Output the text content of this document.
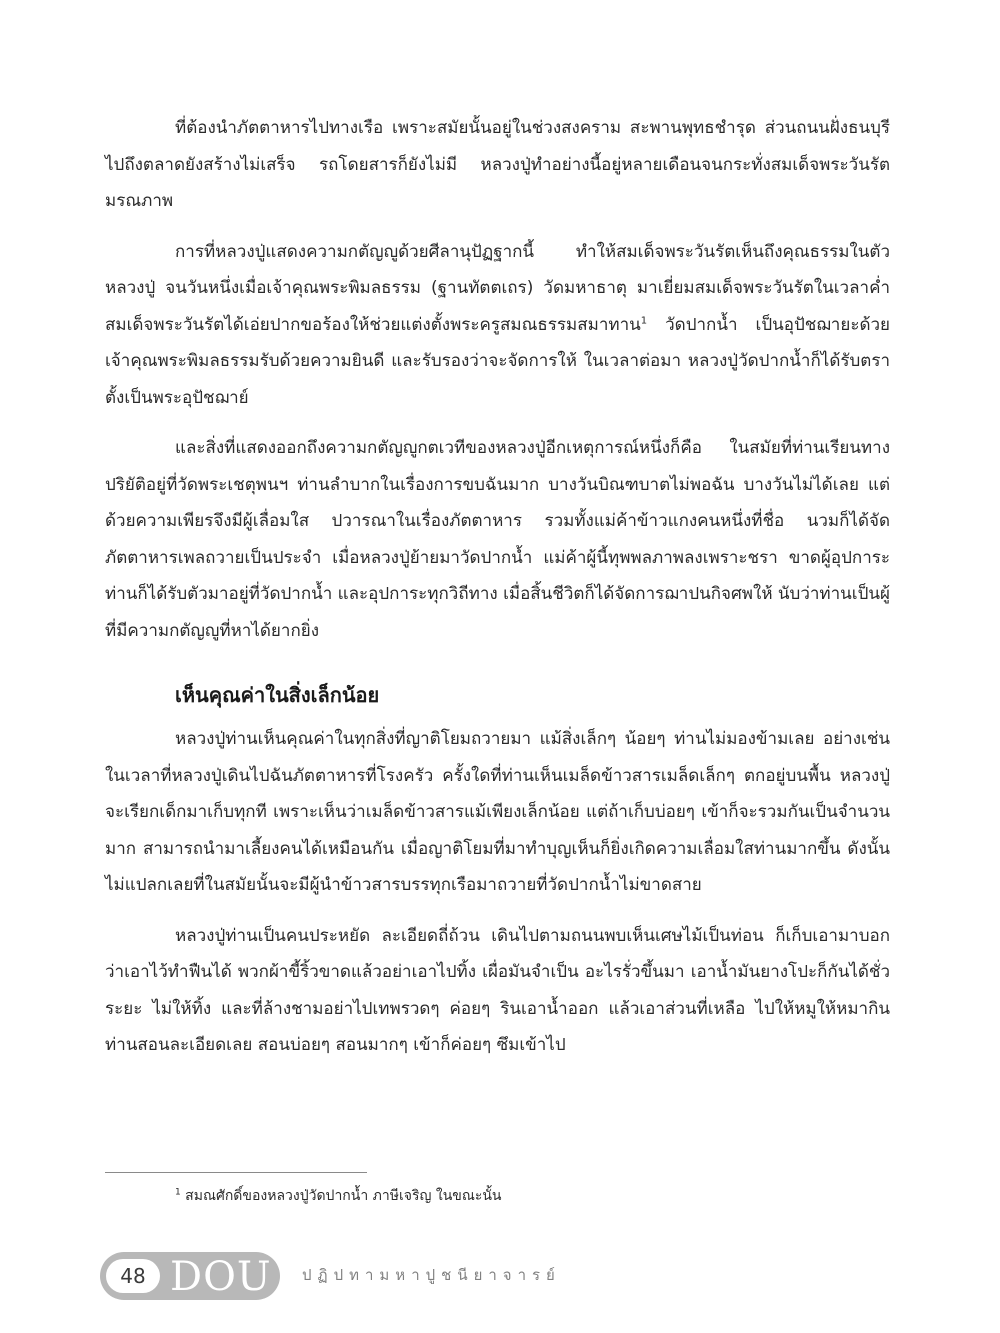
ที่ต้องนำภัตตาหารไปทางเรือ เพราะสมัยนั้นอยู่ในช่วงสงคราม สะพานพุทธชำรุด ส่วนถนนฝั่งธนบุรีไปถึงตลาดยังสร้างไม่เสร็จ รถโดยสารก็ยังไม่มี หลวงปู่ทำอย่างนี้อยู่หลายเดือนจนกระทั่งสมเด็จพระวันรัตมรณภาพ

การที่หลวงปู่แสดงความกตัญญูด้วยศีลานุปัฏฐากนี้ ทำให้สมเด็จพระวันรัตเห็นถึงคุณธรรมในตัวหลวงปู่ จนวันหนึ่งเมื่อเจ้าคุณพระพิมลธรรม (ฐานทัตตเถร) วัดมหาธาตุ มาเยี่ยมสมเด็จพระวันรัตในเวลาค่ำสมเด็จพระวันรัตได้เอ่ยปากขอร้องให้ช่วยแต่งตั้งพระครูสมณธรรมสมาทาน$^1$ วัดปากน้ำ เป็นอุปัชฌายะด้วย เจ้าคุณพระพิมลธรรมรับด้วยความยินดี และรับรองว่าจะจัดการให้ ในเวลาต่อมา หลวงปู่วัดปากน้ำก็ได้รับตราตั้งเป็นพระอุปัชฌาย์

และสิ่งที่แสดงออกถึงความกตัญญูกตเวทีของหลวงปู่อีกเหตุการณ์หนึ่งก็คือ ในสมัยที่ท่านเรียนทางปริยัติอยู่ที่วัดพระเชตุพนฯ ท่านลำบากในเรื่องการขบฉันมาก บางวันบิณฑบาตไม่พอฉัน บางวันไม่ได้เลย แต่ด้วยความเพียรจึงมีผู้เลื่อมใส ปวารณาในเรื่องภัตตาหาร รวมทั้งแม่ค้าข้าวแกงคนหนึ่งที่ชื่อ นวมก็ได้จัดภัตตาหารเพลถวายเป็นประจำ เมื่อหลวงปู่ย้ายมาวัดปากน้ำ แม่ค้าผู้นี้ทุพพลภาพลงเพราะชรา ขาดผู้อุปการะ ท่านก็ได้รับตัวมาอยู่ที่วัดปากน้ำ และอุปการะทุกวิถีทาง เมื่อสิ้นชีวิตก็ได้จัดการฌาปนกิจศพให้ นับว่าท่านเป็นผู้ที่มีความกตัญญูที่หาได้ยากยิ่ง

เห็นคุณค่าในสิ่งเล็กน้อย

หลวงปู่ท่านเห็นคุณค่าในทุกสิ่งที่ญาติโยมถวายมา แม้สิ่งเล็กๆ น้อยๆ ท่านไม่มองข้ามเลย อย่างเช่นในเวลาที่หลวงปู่เดินไปฉันภัตตาหารที่โรงครัว ครั้งใดที่ท่านเห็นเมล็ดข้าวสารเมล็ดเล็กๆ ตกอยู่บนพื้น หลวงปู่จะเรียกเด็กมาเก็บทุกที เพราะเห็นว่าเมล็ดข้าวสารแม้เพียงเล็กน้อย แต่ถ้าเก็บบ่อยๆ เข้าก็จะรวมกันเป็นจำนวนมาก สามารถนำมาเลี้ยงคนได้เหมือนกัน เมื่อญาติโยมที่มาทำบุญเห็นก็ยิ่งเกิดความเลื่อมใสท่านมากขึ้น ดังนั้นไม่แปลกเลยที่ในสมัยนั้นจะมีผู้นำข้าวสารบรรทุกเรือมาถวายที่วัดปากน้ำไม่ขาดสาย

หลวงปู่ท่านเป็นคนประหยัด ละเอียดถี่ถ้วน เดินไปตามถนนพบเห็นเศษไม้เป็นท่อน ก็เก็บเอามาบอกว่าเอาไว้ทำฟืนได้ พวกผ้าขี้ริ้วขาดแล้วอย่าเอาไปทิ้ง เผื่อมันจำเป็น อะไรรั่วขึ้นมา เอาน้ำมันยางโปะก็กันได้ชั่วระยะ ไม่ให้ทิ้ง และที่ล้างชามอย่าไปเทพรวดๆ ค่อยๆ รินเอาน้ำออก แล้วเอาส่วนที่เหลือ ไปให้หมูให้หมากิน ท่านสอนละเอียดเลย สอนบ่อยๆ สอนมากๆ เข้าก็ค่อยๆ ซึมเข้าไป

$^1$ สมณศักดิ์ของหลวงปู่วัดปากน้ำ ภาษีเจริญ ในขณะนั้น
48 DOU ปฏิปทามหาปูชนียาจารย์
